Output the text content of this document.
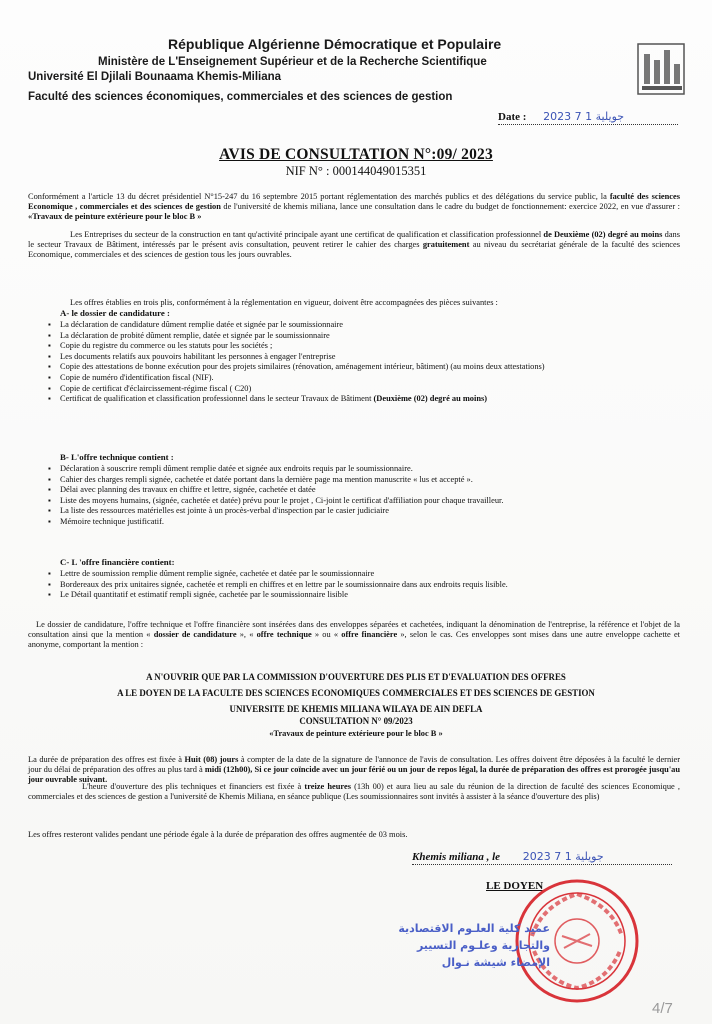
République Algérienne Démocratique et Populaire
Ministère de L'Enseignement Supérieur et de la Recherche Scientifique
Université El Djilali Bounaama Khemis-Miliana
Faculté des sciences économiques, commerciales et des sciences de gestion
Date : 2023 جويلية 1 7
AVIS DE CONSULTATION N°:09/ 2023
NIF N° : 000144049015351
Conformément a l'article 13 du décret présidentiel N°15-247 du 16 septembre 2015 portant réglementation des marchés publics et des délégations du service public, la faculté des sciences Economique , commerciales et des sciences de gestion de l'université de khemis miliana, lance une consultation dans le cadre du budget de fonctionnement: exercice 2022, en vue d'assurer : «Travaux de peinture extérieure pour le bloc B »
Les Entreprises du secteur de la construction en tant qu'activité principale ayant une certificat de qualification et classification professionnel de Deuxième (02) degré au moins dans le secteur Travaux de Bâtiment, intéressés par le présent avis consultation, peuvent retirer le cahier des charges gratuitement au niveau du secrétariat générale de la faculté des sciences Economique, commerciales et des sciences de gestion tous les jours ouvrables.
Les offres établies en trois plis, conformément à la réglementation en vigueur, doivent être accompagnées des pièces suivantes :
A- le dossier de candidature :
▪ La déclaration de candidature dûment remplie datée et signée par le soumissionnaire
▪ La déclaration de probité dûment remplie, datée et signée par le soumissionnaire
▪ Copie du registre du commerce ou les statuts pour les sociétés ;
▪ Les documents relatifs aux pouvoirs habilitant les personnes à engager l'entreprise
▪ Copie des attestations de bonne exécution pour des projets similaires (rénovation, aménagement intérieur, bâtiment) (au moins deux attestations)
▪ Copie de numéro d'identification fiscal (NIF).
▪ Copie de certificat d'éclaircissement-régime fiscal ( C20)
▪ Certificat de qualification et classification professionnel dans le secteur Travaux de Bâtiment (Deuxième (02) degré au moins)
B- L'offre technique contient :
▪ Déclaration à souscrire rempli dûment remplie datée et signée aux endroits requis par le soumissionnaire.
▪ Cahier des charges rempli signée, cachetée et datée portant dans la dernière page ma mention manuscrite « lus et accepté ».
▪ Délai avec planning des travaux en chiffre et lettre, signée, cachetée et datée
▪ Liste des moyens humains, (signée, cachetée et datée) prévu pour le projet , Ci-joint le certificat d'affiliation pour chaque travailleur.
▪ La liste des ressources matérielles est jointe à un procès-verbal d'inspection par le casier judiciaire
▪ Mémoire technique justificatif.
C- L 'offre financière contient:
▪ Lettre de soumission remplie dûment remplie signée, cachetée et datée par le soumissionnaire
▪ Bordereaux des prix unitaires signée, cachetée et rempli en chiffres et en lettre par le soumissionnaire dans aux endroits requis lisible.
▪ Le Détail quantitatif et estimatif rempli signée, cachetée par le soumissionnaire lisible
Le dossier de candidature, l'offre technique et l'offre financière sont insérées dans des enveloppes séparées et cachetées, indiquant la dénomination de l'entreprise, la référence et l'objet de la consultation ainsi que la mention « dossier de candidature », « offre technique » ou « offre financière », selon le cas. Ces enveloppes sont mises dans une autre enveloppe cachette et anonyme, comportant la mention :
A N'OUVRIR QUE PAR LA COMMISSION D'OUVERTURE DES PLIS ET D'EVALUATION DES OFFRES
A LE DOYEN DE LA FACULTE DES SCIENCES ECONOMIQUES COMMERCIALES ET DES SCIENCES DE GESTION
UNIVERSITE DE KHEMIS MILIANA WILAYA DE AIN DEFLA
CONSULTATION N° 09/2023
«Travaux de peinture extérieure pour le bloc B »
La durée de préparation des offres est fixée à Huit (08) jours à compter de la date de la signature de l'annonce de l'avis de consultation. Les offres doivent être déposées à la faculté le dernier jour du délai de préparation des offres au plus tard à midi (12h00), Si ce jour coïncide avec un jour férié ou un jour de repos légal, la durée de préparation des offres est prorogée jusqu'au jour ouvrable suivant.
L'heure d'ouverture des plis techniques et financiers est fixée à treize heures (13h 00) et aura lieu au sale du réunion de la direction de faculté des sciences Economique , commerciales et des sciences de gestion a l'université de Khemis Miliana, en séance publique (Les soumissionnaires sont invités à assister à la séance d'ouverture des plis)
Les offres resteront valides pendant une période égale à la durée de préparation des offres augmentée de 03 mois.
Khemis miliana , le 2023 جويلية 1 7
LE DOYEN
عميد كلية العلـوم الاقتصادية
والتجارية وعلـوم التسيير
الإمضاء شيشة نـوال
4/7
